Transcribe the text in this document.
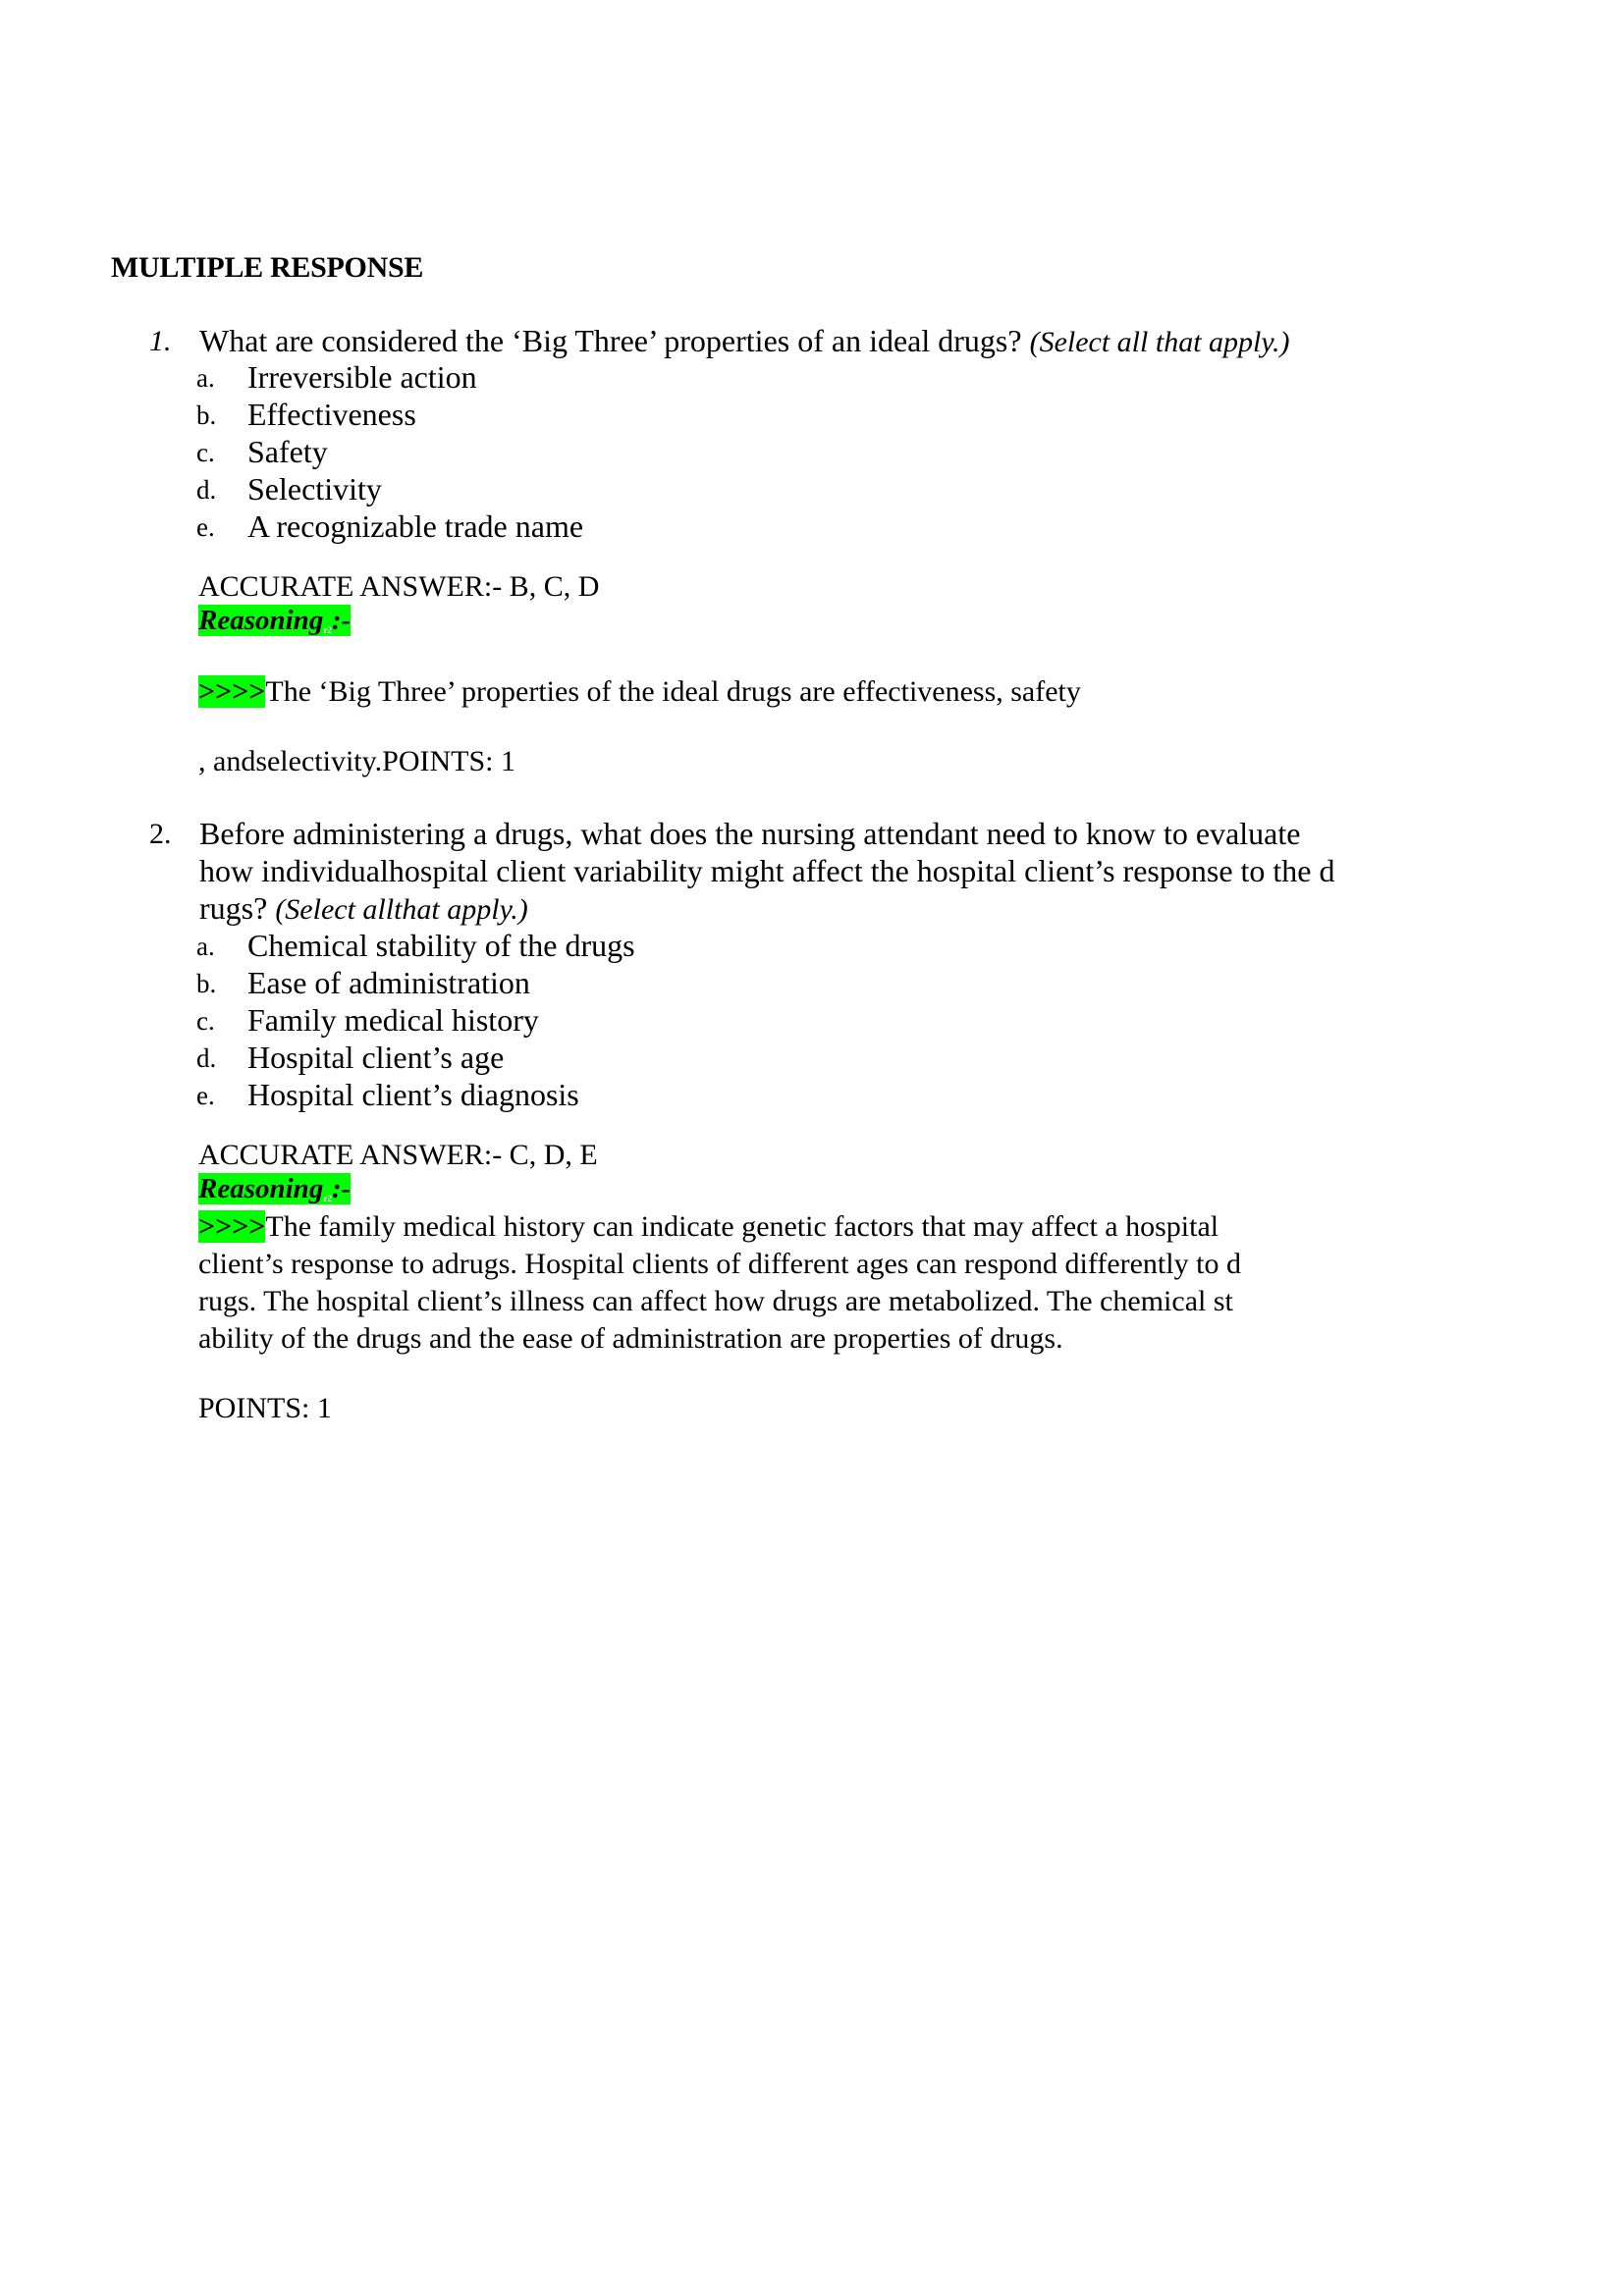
MULTIPLE RESPONSE
1. What are considered the ‘Big Three’ properties of an ideal drugs? (Select all that apply.)
a. Irreversible action
b. Effectiveness
c. Safety
d. Selectivity
e. A recognizable trade name
ACCURATE ANSWER:- B, C, D
Reasoning$_{r2}$:-
>>>>The ‘Big Three’ properties of the ideal drugs are effectiveness, safety
, andselectivity.POINTS: 1
2. Before administering a drugs, what does the nursing attendant need to know to evaluate
how individualhospital client variability might affect the hospital client’s response to the d
rugs? (Select allthat apply.)
a. Chemical stability of the drugs
b. Ease of administration
c. Family medical history
d. Hospital client’s age
e. Hospital client’s diagnosis
ACCURATE ANSWER:- C, D, E
Reasoning$_{r2}$:-
>>>>The family medical history can indicate genetic factors that may affect a hospital
client’s response to adrugs. Hospital clients of different ages can respond differently to d
rugs. The hospital client’s illness can affect how drugs are metabolized. The chemical st
ability of the drugs and the ease of administration are properties of drugs.
POINTS: 1
